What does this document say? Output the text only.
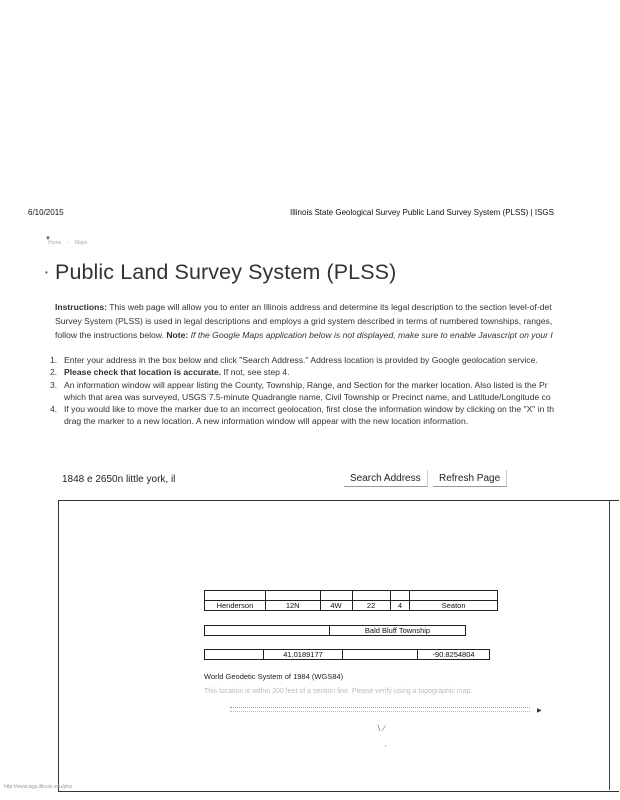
6/10/2015	Illinois State Geological Survey Public Land Survey System (PLSS) | ISGS
▼
Home › Maps
• Public Land Survey System (PLSS)
Instructions: This web page will allow you to enter an Illinois address and determine its legal description to the section level-of-det
Survey System (PLSS) is used in legal descriptions and employs a grid system described in terms of numbered townships, ranges,
follow the instructions below. Note: If the Google Maps application below is not displayed, make sure to enable Javascript on your I
1. Enter your address in the box below and click "Search Address." Address location is provided by Google geolocation service.
2. Please check that location is accurate. If not, see step 4.
3. An information window will appear listing the County, Township, Range, and Section for the marker location. Also listed is the Pr
which that area was surveyed, USGS 7.5-minute Quadrangle name, Civil Township or Precinct name, and Latitude/Longitude co
4. If you would like to move the marker due to an incorrect geolocation, first close the information window by clicking on the "X" in th
drag the marker to a new location. A new information window will appear with the new location information.
1848 e 2650n little york, il	Search Address	Refresh Page

Henderson	12N	4W	22	4	Seaton
	Bald Bluff Township
	41.0189177		-90.8254804
World Geodetic System of 1984 (WGS84)
This location is within 200 feet of a section line. Please verify using a topographic map.
▶
∖ ∕
’
http://www.isgs.illinois.edu/plss
